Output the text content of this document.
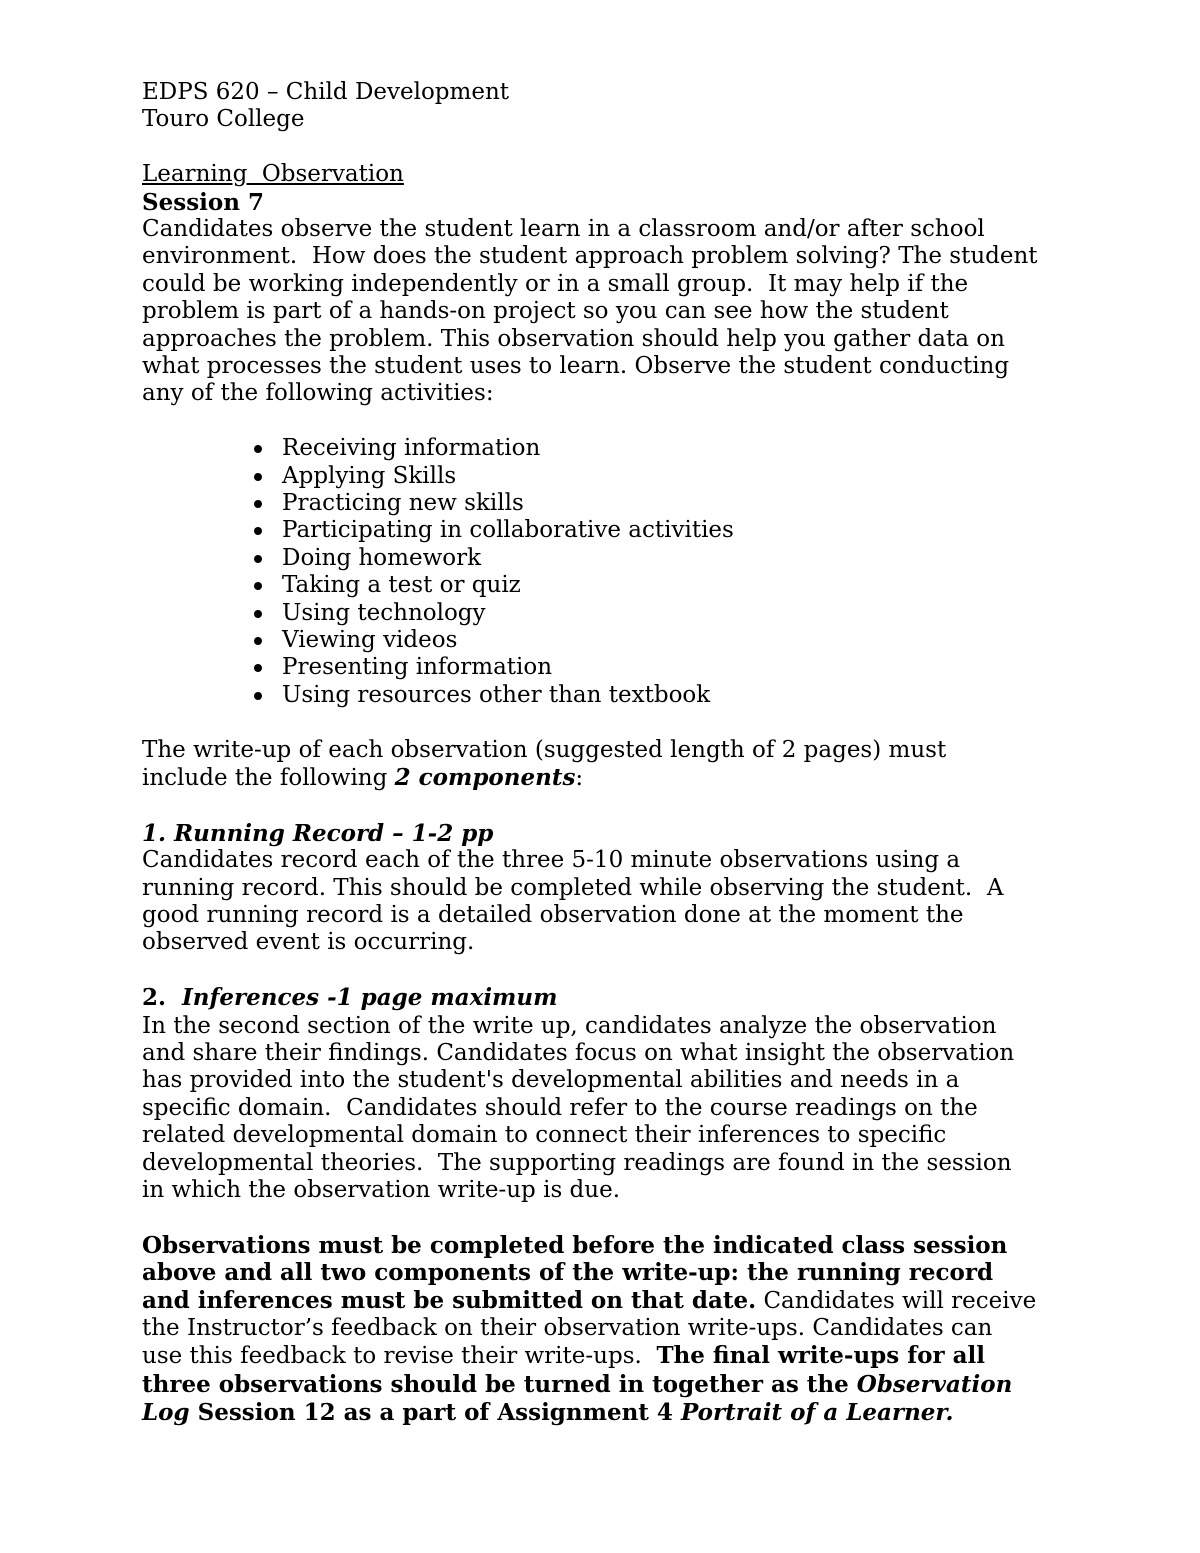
EDPS 620 – Child Development
Touro College
Learning  Observation
Session 7
Candidates observe the student learn in a classroom and/or after school
environment.  How does the student approach problem solving? The student
could be working independently or in a small group.  It may help if the
problem is part of a hands-on project so you can see how the student
approaches the problem. This observation should help you gather data on
what processes the student uses to learn. Observe the student conducting
any of the following activities:
Receiving information
Applying Skills
Practicing new skills
Participating in collaborative activities
Doing homework
Taking a test or quiz
Using technology
Viewing videos
Presenting information
Using resources other than textbook
The write-up of each observation (suggested length of 2 pages) must
include the following 2 components:
1. Running Record – 1-2 pp
Candidates record each of the three 5-10 minute observations using a
running record. This should be completed while observing the student.  A
good running record is a detailed observation done at the moment the
observed event is occurring.
2.  Inferences -1 page maximum
In the second section of the write up, candidates analyze the observation
and share their findings. Candidates focus on what insight the observation
has provided into the student's developmental abilities and needs in a
specific domain.  Candidates should refer to the course readings on the
related developmental domain to connect their inferences to specific
developmental theories.  The supporting readings are found in the session
in which the observation write-up is due.
Observations must be completed before the indicated class session
above and all two components of the write-up: the running record
and inferences must be submitted on that date. Candidates will receive
the Instructor’s feedback on their observation write-ups. Candidates can
use this feedback to revise their write-ups.  The final write-ups for all
three observations should be turned in together as the Observation
Log Session 12 as a part of Assignment 4 Portrait of a Learner.
